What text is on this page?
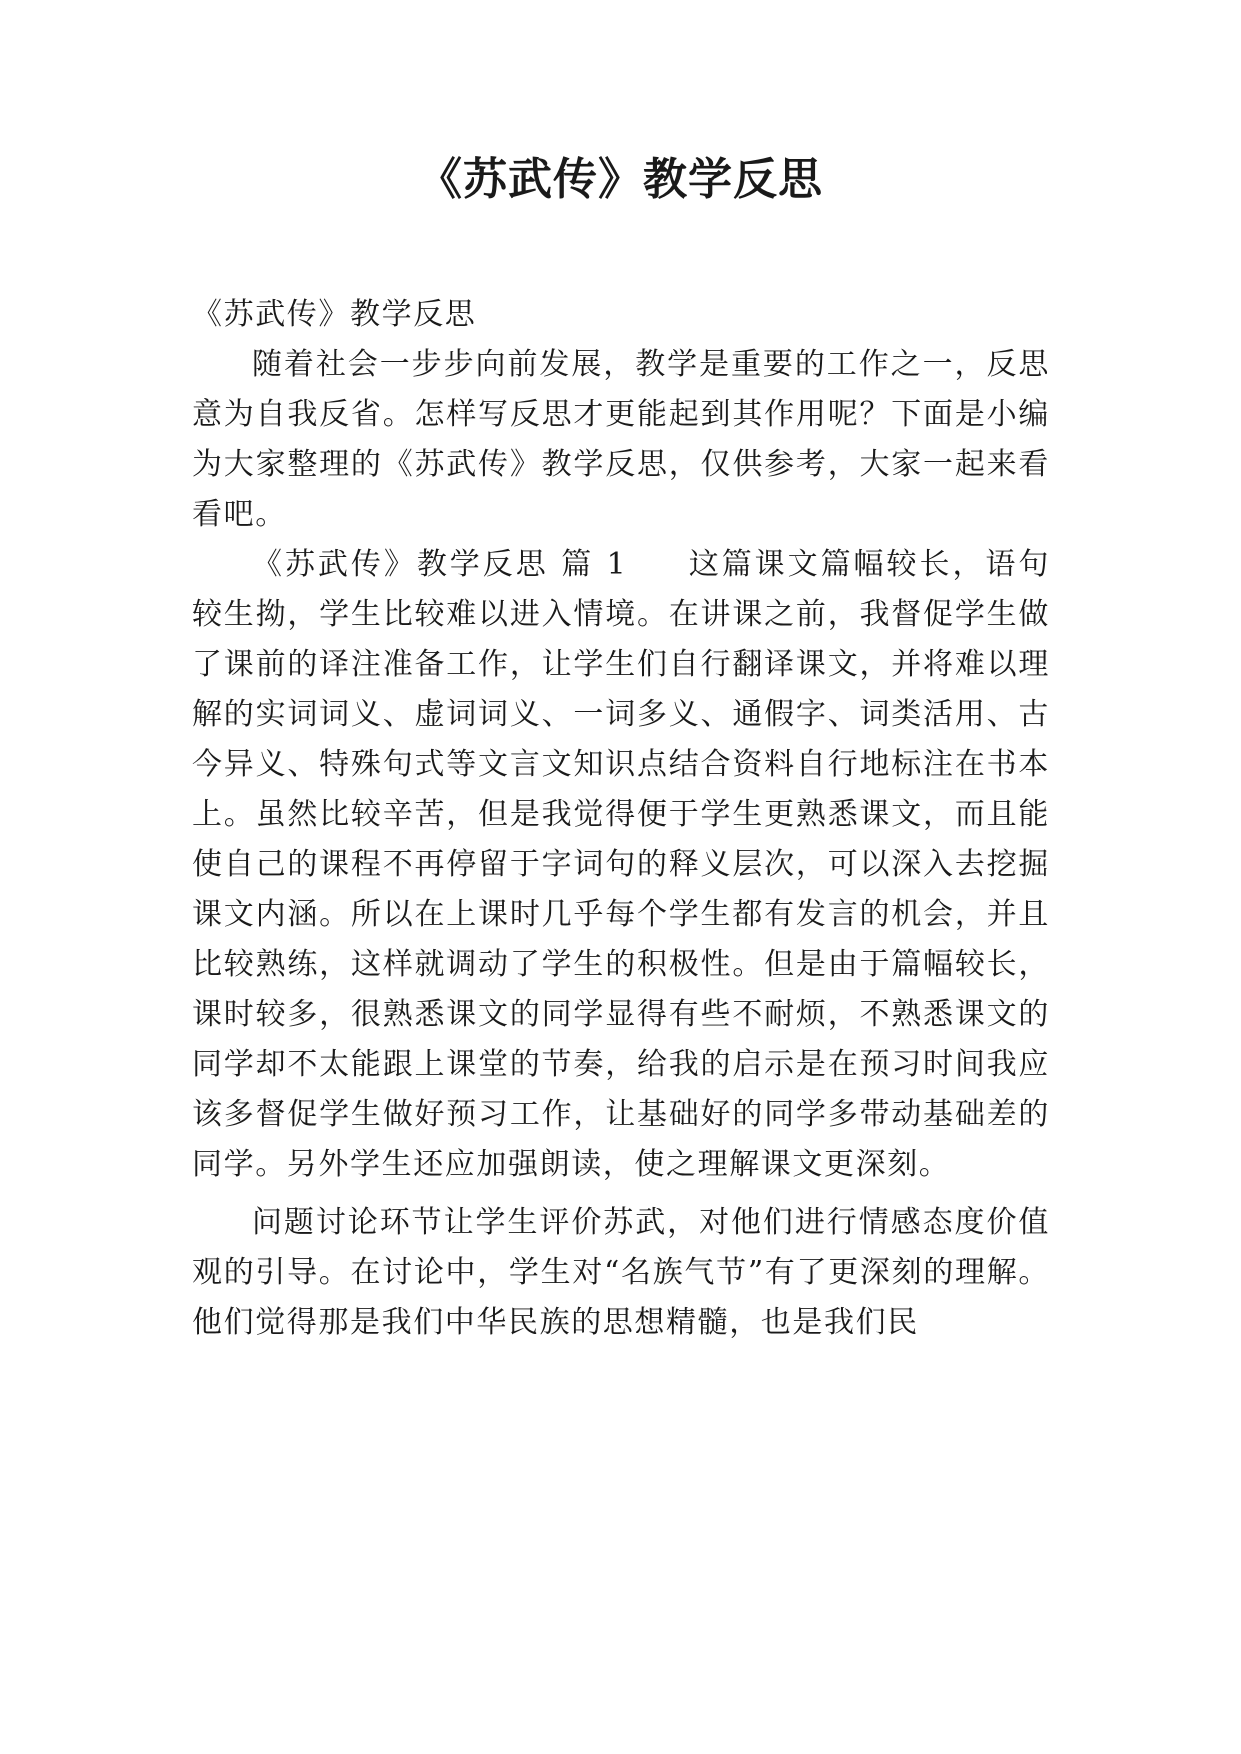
《苏武传》教学反思

《苏武传》教学反思

随着社会一步步向前发展，教学是重要的工作之一，反思意为自我反省。怎样写反思才更能起到其作用呢？下面是小编为大家整理的《苏武传》教学反思，仅供参考，大家一起来看看吧。

《苏武传》教学反思 篇 1   这篇课文篇幅较长，语句较生拗，学生比较难以进入情境。在讲课之前，我督促学生做了课前的译注准备工作，让学生们自行翻译课文，并将难以理解的实词词义、虚词词义、一词多义、通假字、词类活用、古今异义、特殊句式等文言文知识点结合资料自行地标注在书本上。虽然比较辛苦，但是我觉得便于学生更熟悉课文，而且能使自己的课程不再停留于字词句的释义层次，可以深入去挖掘课文内涵。所以在上课时几乎每个学生都有发言的机会，并且比较熟练，这样就调动了学生的积极性。但是由于篇幅较长，课时较多，很熟悉课文的同学显得有些不耐烦，不熟悉课文的同学却不太能跟上课堂的节奏，给我的启示是在预习时间我应该多督促学生做好预习工作，让基础好的同学多带动基础差的同学。另外学生还应加强朗读，使之理解课文更深刻。

问题讨论环节让学生评价苏武，对他们进行情感态度价值观的引导。在讨论中，学生对“名族气节”有了更深刻的理解。他们觉得那是我们中华民族的思想精髓，也是我们民
